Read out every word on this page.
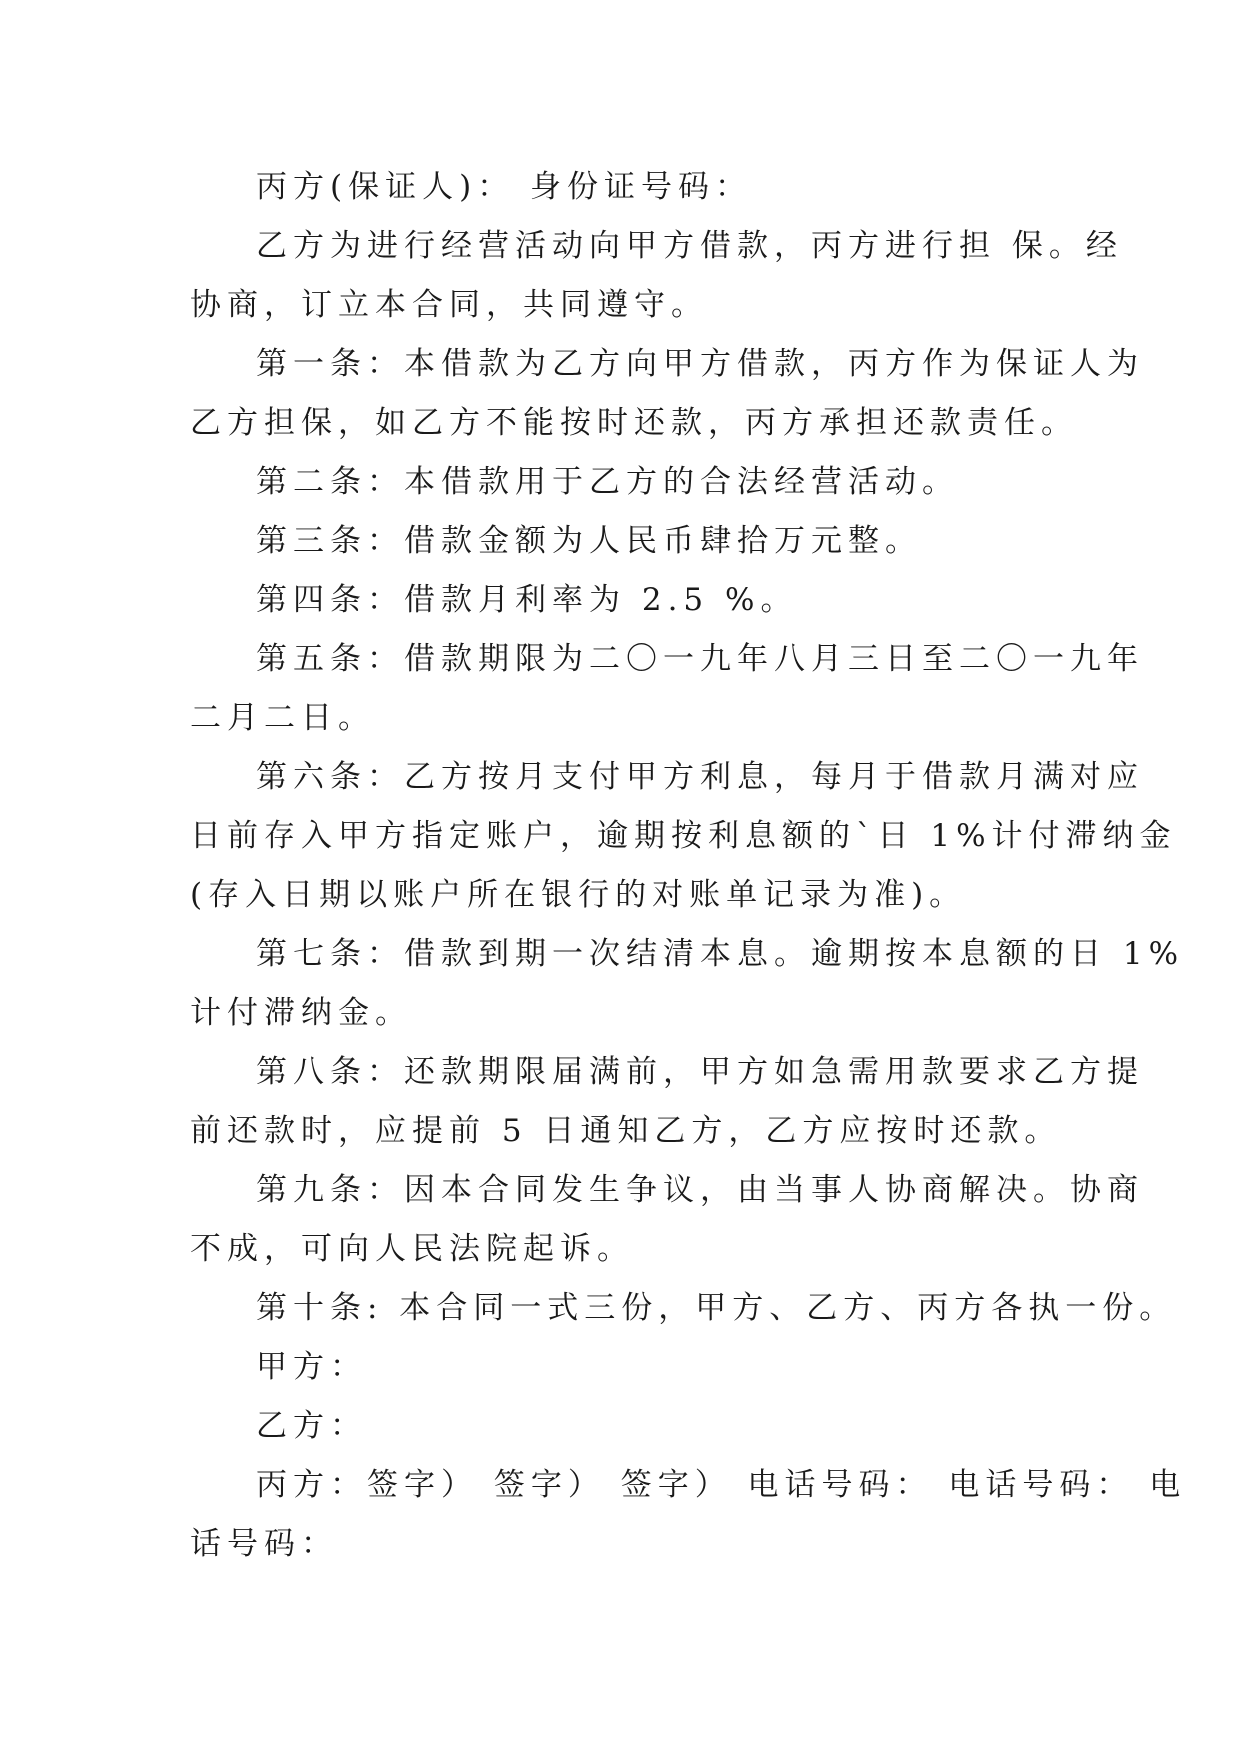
丙方(保证人)： 身份证号码：
乙方为进行经营活动向甲方借款，丙方进行担 保。经
协商，订立本合同，共同遵守。
第一条：本借款为乙方向甲方借款，丙方作为保证人为
乙方担保，如乙方不能按时还款，丙方承担还款责任。
第二条：本借款用于乙方的合法经营活动。
第三条：借款金额为人民币肆拾万元整。
第四条：借款月利率为 2.5 %。
第五条：借款期限为二〇一九年八月三日至二〇一九年
二月二日。
第六条：乙方按月支付甲方利息，每月于借款月满对应
日前存入甲方指定账户，逾期按利息额的`日 1%计付滞纳金
(存入日期以账户所在银行的对账单记录为准)。
第七条：借款到期一次结清本息。逾期按本息额的日 1%
计付滞纳金。
第八条：还款期限届满前，甲方如急需用款要求乙方提
前还款时，应提前 5 日通知乙方，乙方应按时还款。
第九条：因本合同发生争议，由当事人协商解决。协商
不成，可向人民法院起诉。
第十条: 本合同一式三份，甲方、乙方、丙方各执一份。
甲方：
乙方：
丙方：签字） 签字） 签字） 电话号码： 电话号码： 电
话号码：
